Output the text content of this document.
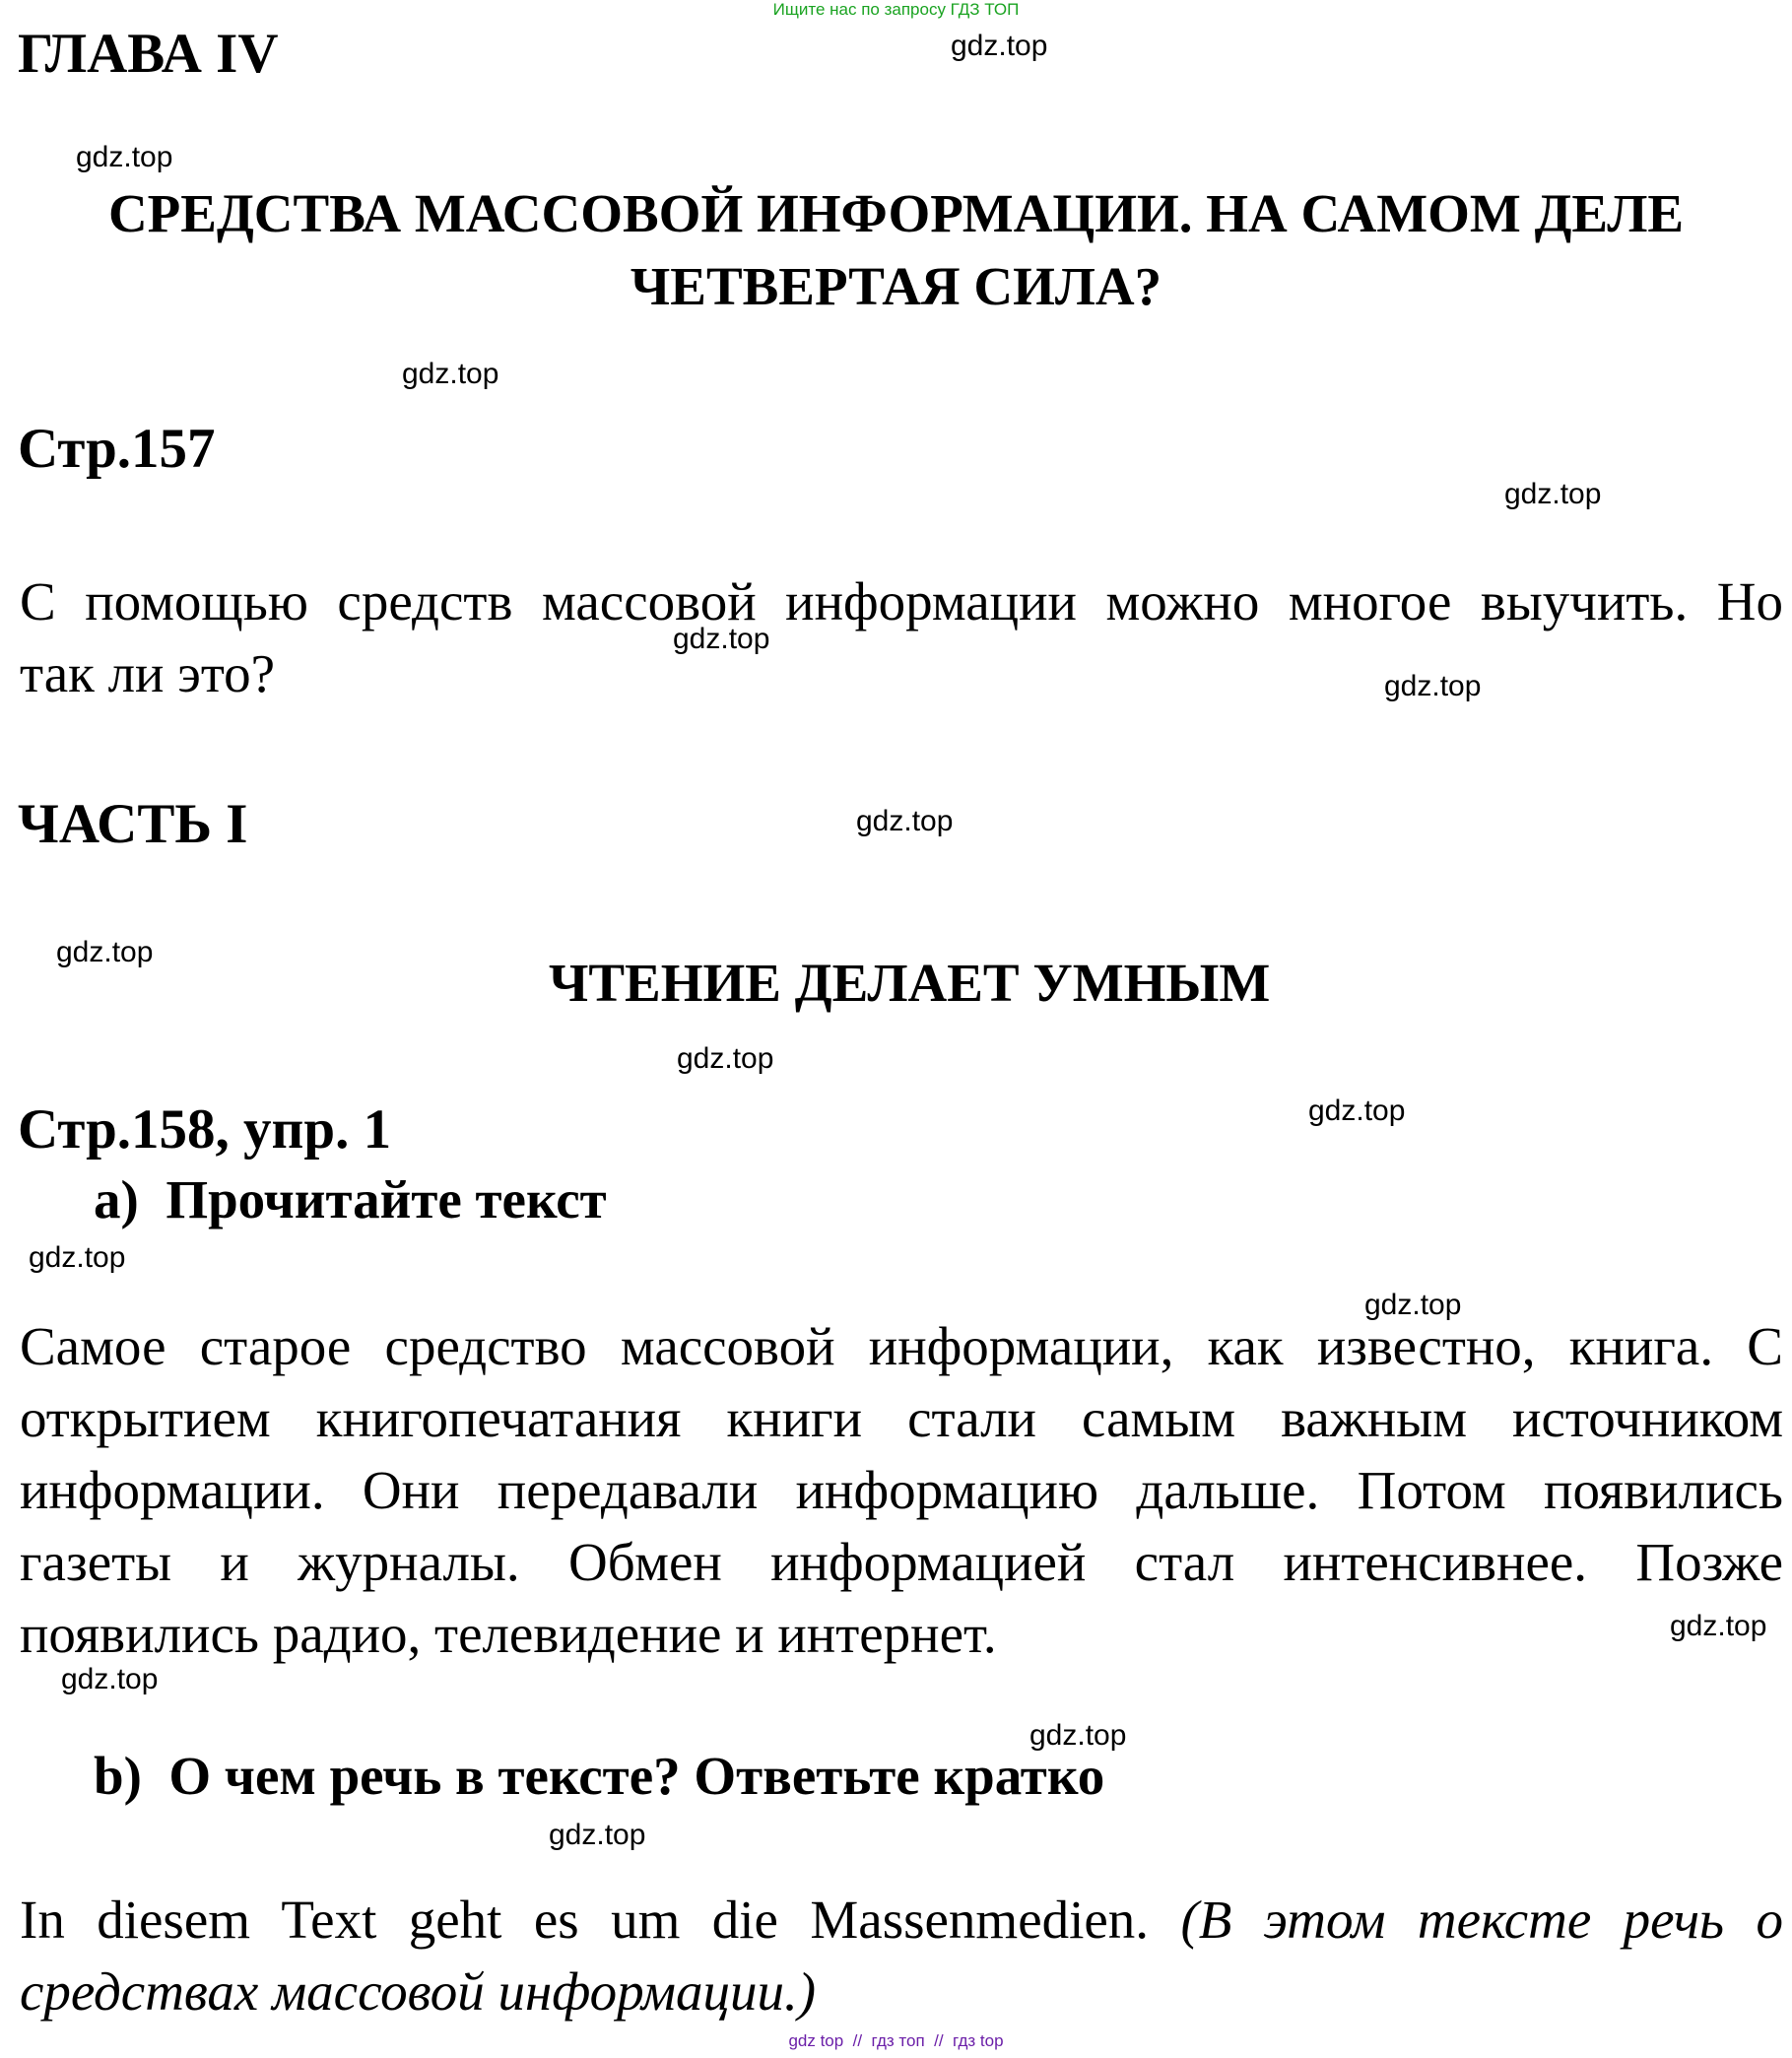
Ищите нас по запросу ГДЗ ТОП
ГЛАВА IV
СРЕДСТВА МАССОВОЙ ИНФОРМАЦИИ. НА САМОМ ДЕЛЕ
ЧЕТВЕРТАЯ СИЛА?
Стр.157
С помощью средств массовой информации можно многое выучить. Но
так ли это?
ЧАСТЬ I
ЧТЕНИЕ ДЕЛАЕТ УМНЫМ
Стр.158, упр. 1
a)  Прочитайте текст
Самое старое средство массовой информации, как известно, книга. С
открытием книгопечатания книги стали самым важным источником
информации. Они передавали информацию дальше. Потом появились
газеты и журналы. Обмен информацией стал интенсивнее. Позже
появились радио, телевидение и интернет.
b)  О чем речь в тексте? Ответьте кратко
In diesem Text geht es um die Massenmedien. (В этом тексте речь о
средствах массовой информации.)
gdz.top
gdz.top
gdz.top
gdz.top
gdz.top
gdz.top
gdz.top
gdz.top
gdz.top
gdz.top
gdz.top
gdz.top
gdz.top
gdz.top
gdz.top
gdz.top
gdz top  //  гдз топ  //  гдз top
